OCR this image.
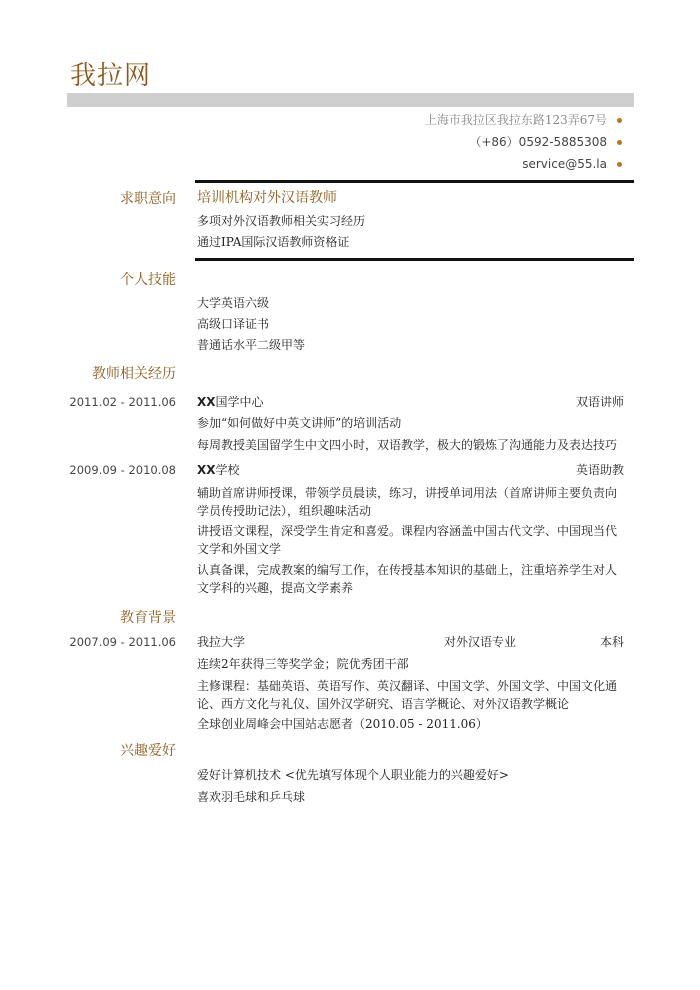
我拉网
上海市我拉区我拉东路123弄67号
（+86）0592-5885308
service@55.la
求职意向 培训机构对外汉语教师
多项对外汉语教师相关实习经历
通过IPA国际汉语教师资格证
个人技能
大学英语六级
高级口译证书
普通话水平二级甲等
教师相关经历
2011.02 - 2011.06 XX国学中心	双语讲师
参加“如何做好中英文讲师”的培训活动
每周教授美国留学生中文四小时，双语教学，极大的锻炼了沟通能力及表达技巧
2009.09 - 2010.08 XX学校	英语助教
辅助首席讲师授课，带领学员晨读，练习，讲授单词用法（首席讲师主要负责向
学员传授助记法），组织趣味活动
讲授语文课程，深受学生肯定和喜爱。课程内容涵盖中国古代文学、中国现当代
文学和外国文学
认真备课，完成教案的编写工作，在传授基本知识的基础上，注重培养学生对人
文学科的兴趣，提高文学素养
教育背景
2007.09 - 2011.06 我拉大学	对外汉语专业	本科
连续2年获得三等奖学金；院优秀团干部
主修课程：基础英语、英语写作、英汉翻译、中国文学、外国文学、中国文化通
论、西方文化与礼仪、国外汉学研究、语言学概论、对外汉语教学概论
全球创业周峰会中国站志愿者（2010.05 - 2011.06）
兴趣爱好
爱好计算机技术 <优先填写体现个人职业能力的兴趣爱好>
喜欢羽毛球和乒乓球
